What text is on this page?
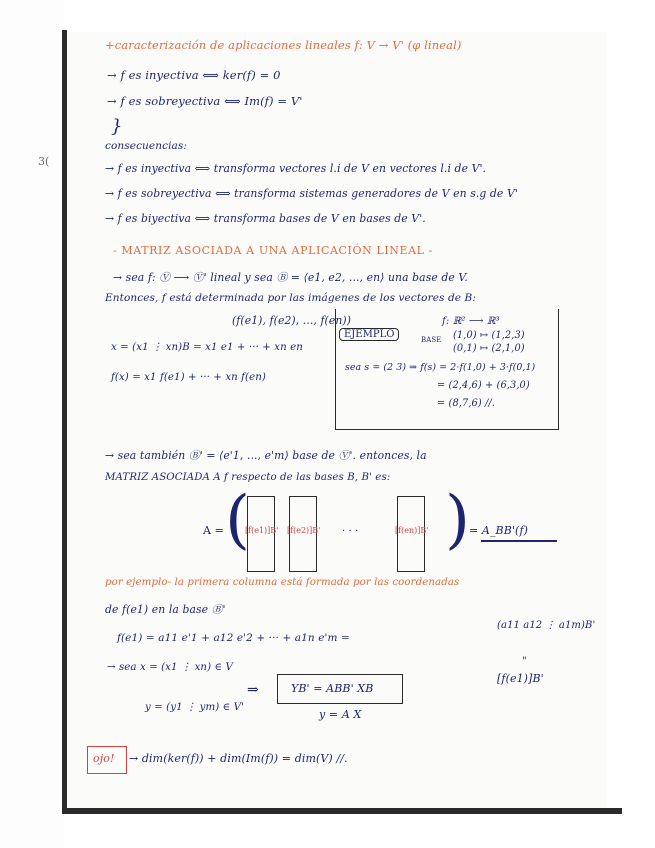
3(
+caracterización de aplicaciones lineales f: V → V' (φ lineal)
→ f es inyectiva ⟺ ker(f) = 0
→ f es sobreyectiva ⟺ Im(f) = V'
}
consecuencias:
→ f es inyectiva ⟺ transforma vectores l.i de V en vectores l.i de V'.
→ f es sobreyectiva ⟺ transforma sistemas generadores de V en s.g de V'
→ f es biyectiva ⟺ transforma bases de V en bases de V'.
- MATRIZ ASOCIADA A UNA APLICACIÓN LINEAL -
→ sea f: Ⓥ ⟶ Ⓥ' lineal y sea Ⓑ = ⟨e1, e2, ..., en⟩ una base de V.
Entonces, f está determinada por las imágenes de los vectores de B:
(f(e1), f(e2), ..., f(en))
x = (x1 ⋮ xn)B = x1 e1 + ··· + xn en
f(x) = x1 f(e1) + ··· + xn f(en)
EJEMPLO
f: ℝ² ⟶ ℝ³
BASE (1,0) ↦ (1,2,3)
(0,1) ↦ (2,1,0)
sea s = (2 3) ⇒ f(s) = 2·f(1,0) + 3·f(0,1)
= (2,4,6) + (6,3,0)
= (8,7,6) //.
→ sea también Ⓑ' = ⟨e'1, ..., e'm⟩ base de Ⓥ'. entonces, la
MATRIZ ASOCIADA A f respecto de las bases B, B' es:
A = (	)
[f(e1)]B' [f(e2)]B' · · ·	[f(en)]B'	= A_BB'(f)
por ejemplo- la primera columna está formada por las coordenadas
de f(e1) en la base Ⓑ'
f(e1) = a11 e'1 + a12 e'2 + ··· + a1n e'm =
(a11 a12 ⋮ a1m)B'
"
[f(e1)]B'
→ sea x = (x1 ⋮ xn) ∈ V
y = (y1 ⋮ ym) ∈ V'
⇒	YB' = ABB' XB
y = A X
ojo! → dim(ker(f)) + dim(Im(f)) = dim(V) //.
